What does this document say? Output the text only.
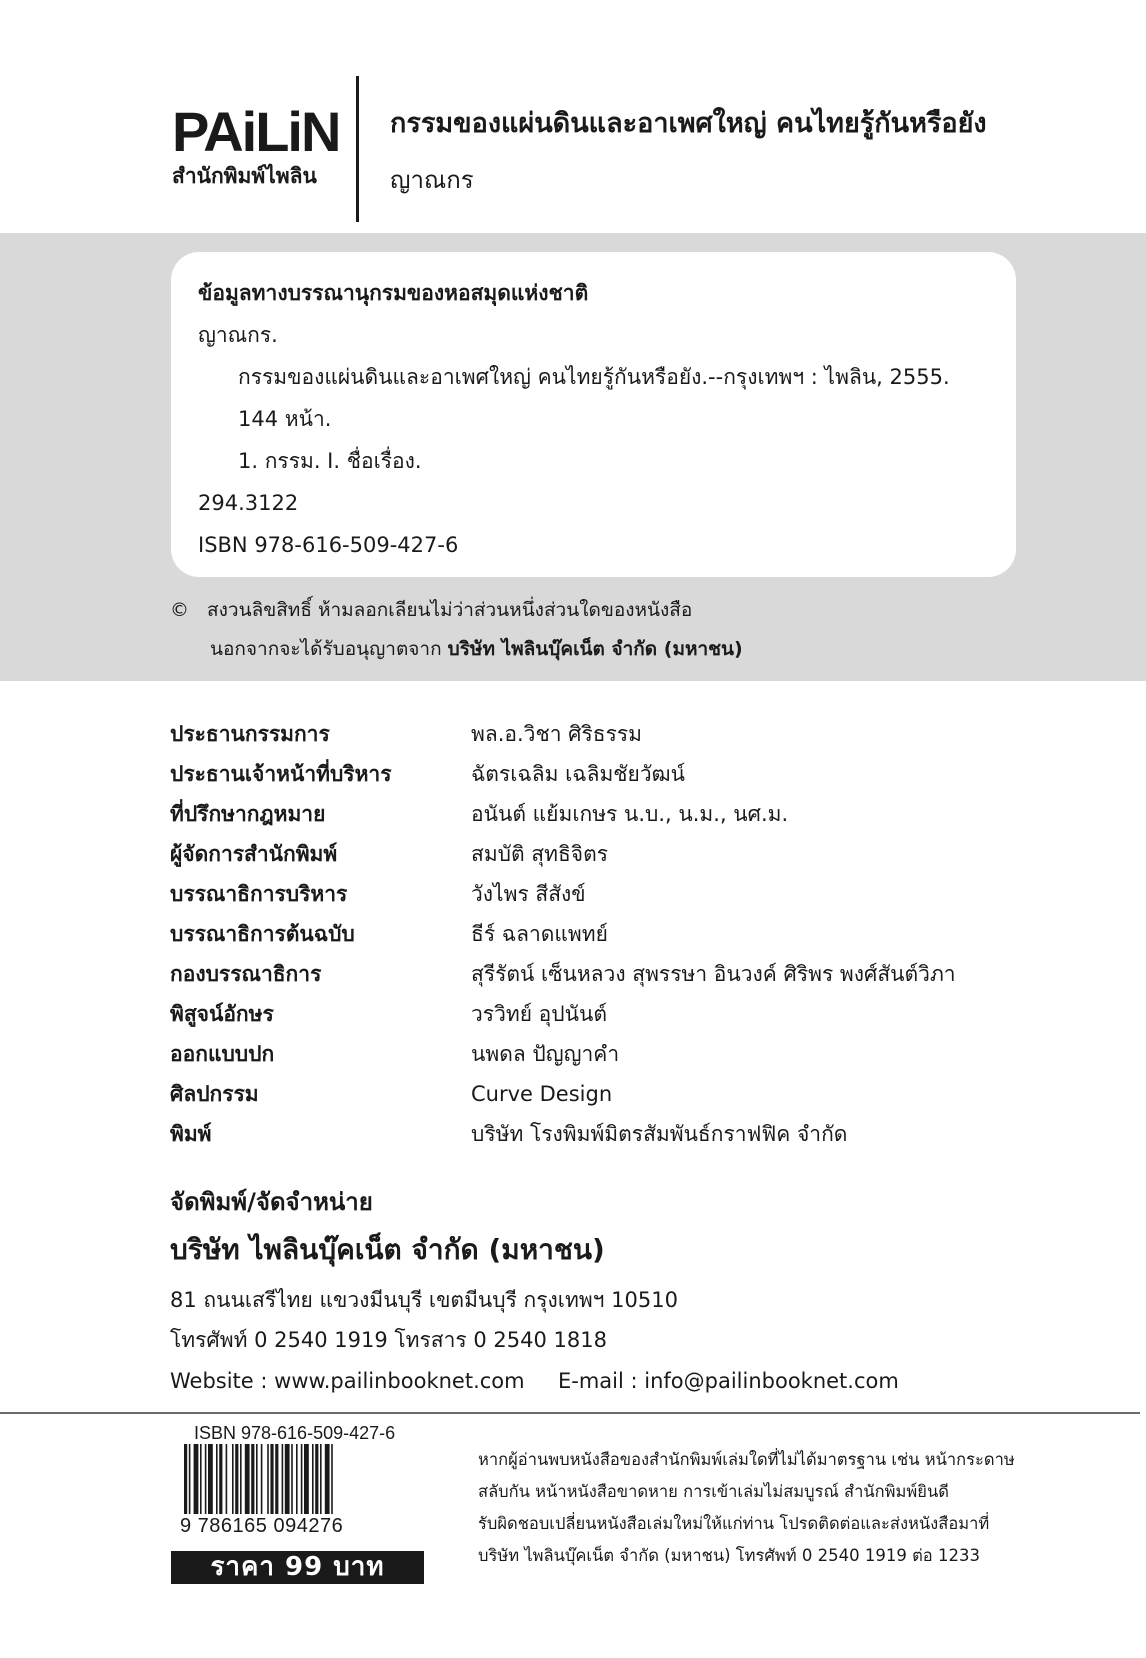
PAiLiN
สำนักพิมพ์ไพลิน
กรรมของแผ่นดินและอาเพศใหญ่ คนไทยรู้กันหรือยัง
ญาณกร
ข้อมูลทางบรรณานุกรมของหอสมุดแห่งชาติ
ญาณกร.
กรรมของแผ่นดินและอาเพศใหญ่ คนไทยรู้กันหรือยัง.--กรุงเทพฯ : ไพลิน, 2555.
144 หน้า.
1. กรรม. I. ชื่อเรื่อง.
294.3122
ISBN 978-616-509-427-6
© สงวนลิขสิทธิ์ ห้ามลอกเลียนไม่ว่าส่วนหนึ่งส่วนใดของหนังสือ
นอกจากจะได้รับอนุญาตจาก บริษัท ไพลินบุ๊คเน็ต จำกัด (มหาชน)
ประธานกรรมการ	พล.อ.วิชา ศิริธรรม
ประธานเจ้าหน้าที่บริหาร	ฉัตรเฉลิม เฉลิมชัยวัฒน์
ที่ปรึกษากฎหมาย	อนันต์ แย้มเกษร น.บ., น.ม., นศ.ม.
ผู้จัดการสำนักพิมพ์	สมบัติ สุทธิจิตร
บรรณาธิการบริหาร	วังไพร สีสังข์
บรรณาธิการต้นฉบับ	ธีร์ ฉลาดแพทย์
กองบรรณาธิการ	สุรีรัตน์ เซ็นหลวง สุพรรษา อินวงค์ ศิริพร พงศ์สันต์วิภา
พิสูจน์อักษร	วรวิทย์ อุปนันต์
ออกแบบปก	นพดล ปัญญาคำ
ศิลปกรรม	Curve Design
พิมพ์	บริษัท โรงพิมพ์มิตรสัมพันธ์กราฟฟิค จำกัด
จัดพิมพ์/จัดจำหน่าย
บริษัท ไพลินบุ๊คเน็ต จำกัด (มหาชน)
81 ถนนเสรีไทย แขวงมีนบุรี เขตมีนบุรี กรุงเทพฯ 10510
โทรศัพท์ 0 2540 1919 โทรสาร 0 2540 1818
Website : www.pailinbooknet.com     E-mail : info@pailinbooknet.com
ISBN 978-616-509-427-6
9 786165 094276
ราคา 99 บาท
หากผู้อ่านพบหนังสือของสำนักพิมพ์เล่มใดที่ไม่ได้มาตรฐาน เช่น หน้ากระดาษ
สลับกัน หน้าหนังสือขาดหาย การเข้าเล่มไม่สมบูรณ์ สำนักพิมพ์ยินดี
รับผิดชอบเปลี่ยนหนังสือเล่มใหม่ให้แก่ท่าน โปรดติดต่อและส่งหนังสือมาที่
บริษัท ไพลินบุ๊คเน็ต จำกัด (มหาชน) โทรศัพท์ 0 2540 1919 ต่อ 1233
